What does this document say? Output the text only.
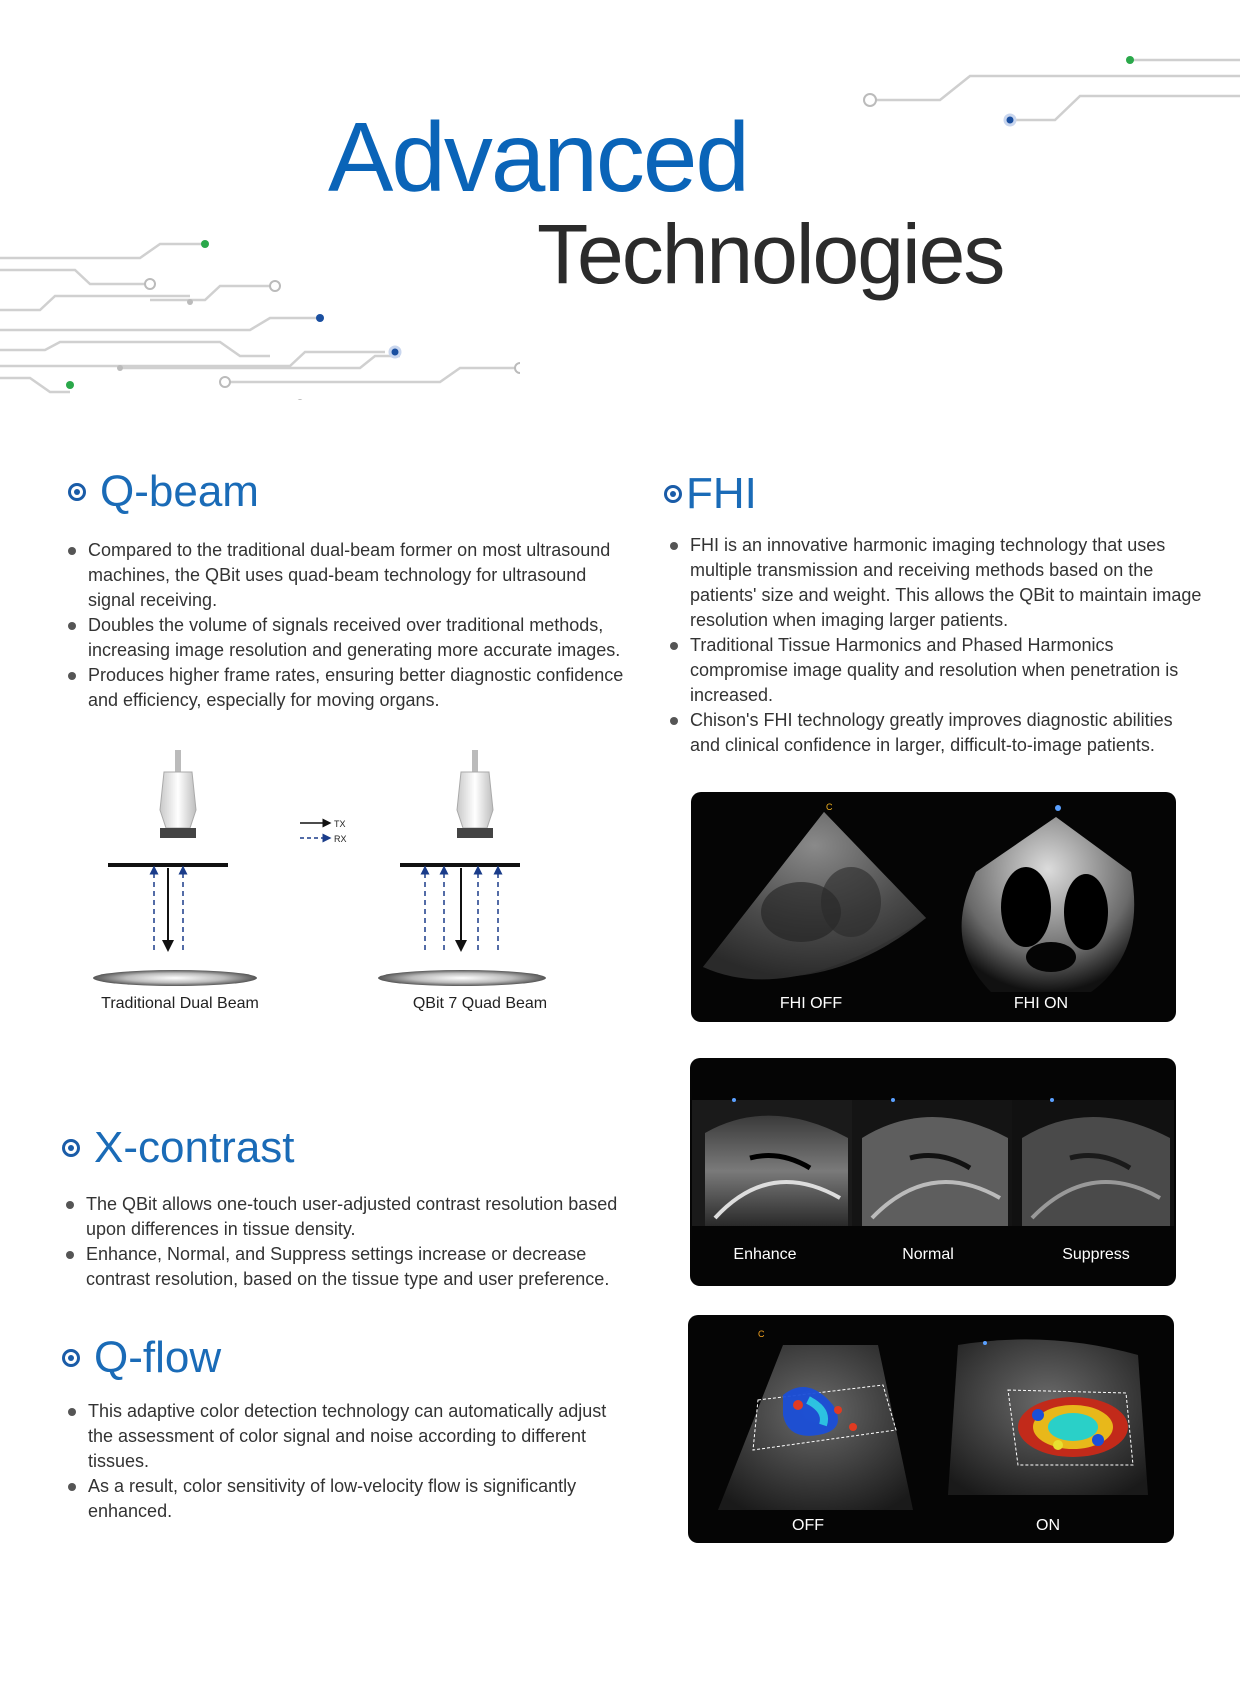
Advanced
Technologies
Q-beam
Compared to the traditional dual-beam former on most ultrasound machines, the QBit uses quad-beam technology for ultrasound signal receiving.
Doubles the volume of signals received over traditional methods, increasing image resolution and generating more accurate images.
Produces higher frame rates, ensuring better diagnostic confidence and efficiency, especially for moving organs.
TX
RX
Traditional Dual Beam	QBit 7 Quad Beam
FHI
FHI is an innovative harmonic imaging technology that uses multiple transmission and receiving methods based on the patients' size and weight. This allows the QBit to maintain image resolution when imaging larger patients.
Traditional Tissue Harmonics and Phased Harmonics compromise image quality and resolution when penetration is increased.
Chison's FHI technology greatly improves diagnostic abilities and clinical confidence in larger, difficult-to-image patients.
C
FHI OFF	FHI ON
Enhance	Normal	Suppress
X-contrast
The QBit allows one-touch user-adjusted contrast resolution based upon differences in tissue density.
Enhance, Normal, and Suppress settings increase or decrease contrast resolution, based on the tissue type and user preference.
Q-flow
This adaptive color detection technology can automatically adjust the assessment of color signal and noise according to different tissues.
As a result, color sensitivity of low-velocity flow is significantly enhanced.
C
OFF	ON
